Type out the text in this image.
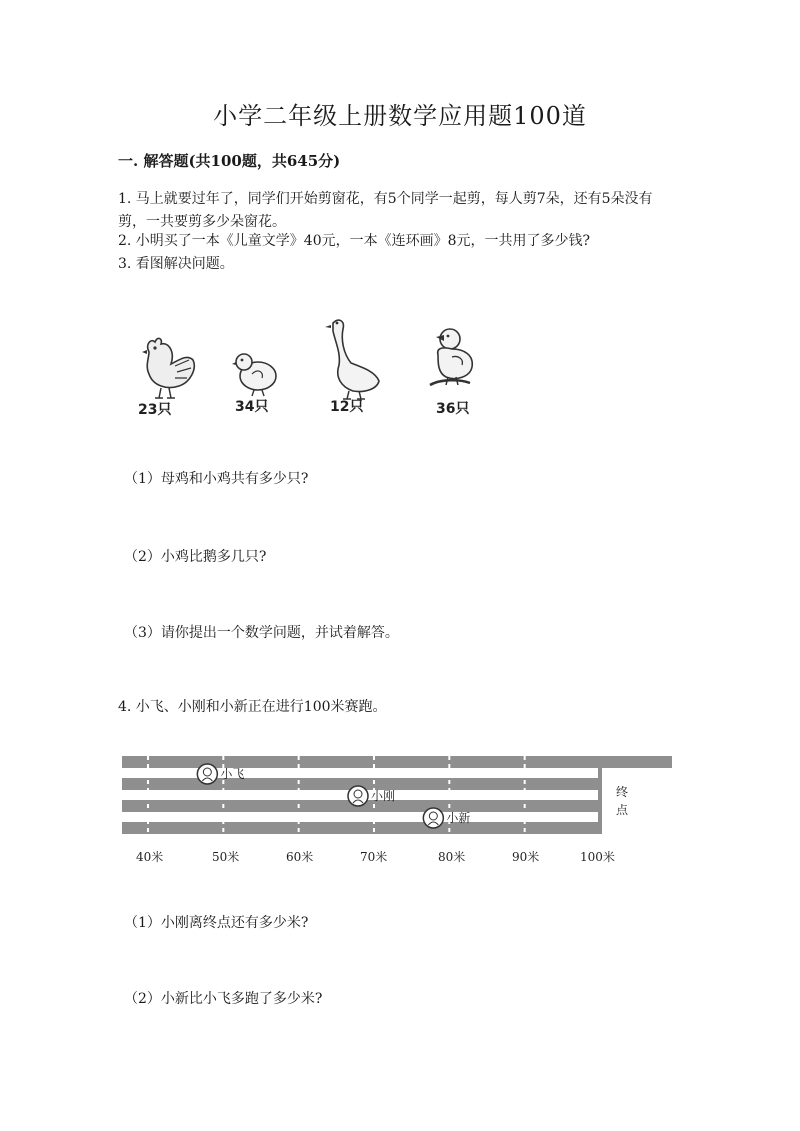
小学二年级上册数学应用题100道
一. 解答题(共100题，共645分)
1. 马上就要过年了，同学们开始剪窗花，有5个同学一起剪，每人剪7朵，还有5朵没有剪，一共要剪多少朵窗花。
2. 小明买了一本《儿童文学》40元，一本《连环画》8元，一共用了多少钱?
3. 看图解决问题。
23只	34只	12只	36只
（1）母鸡和小鸡共有多少只?
（2）小鸡比鹅多几只?
（3）请你提出一个数学问题，并试着解答。
4. 小飞、小刚和小新正在进行100米赛跑。
终
点
小飞
小刚
小新
40米	50米	60米	70米	80米	90米	100米
（1）小刚离终点还有多少米?
（2）小新比小飞多跑了多少米?
